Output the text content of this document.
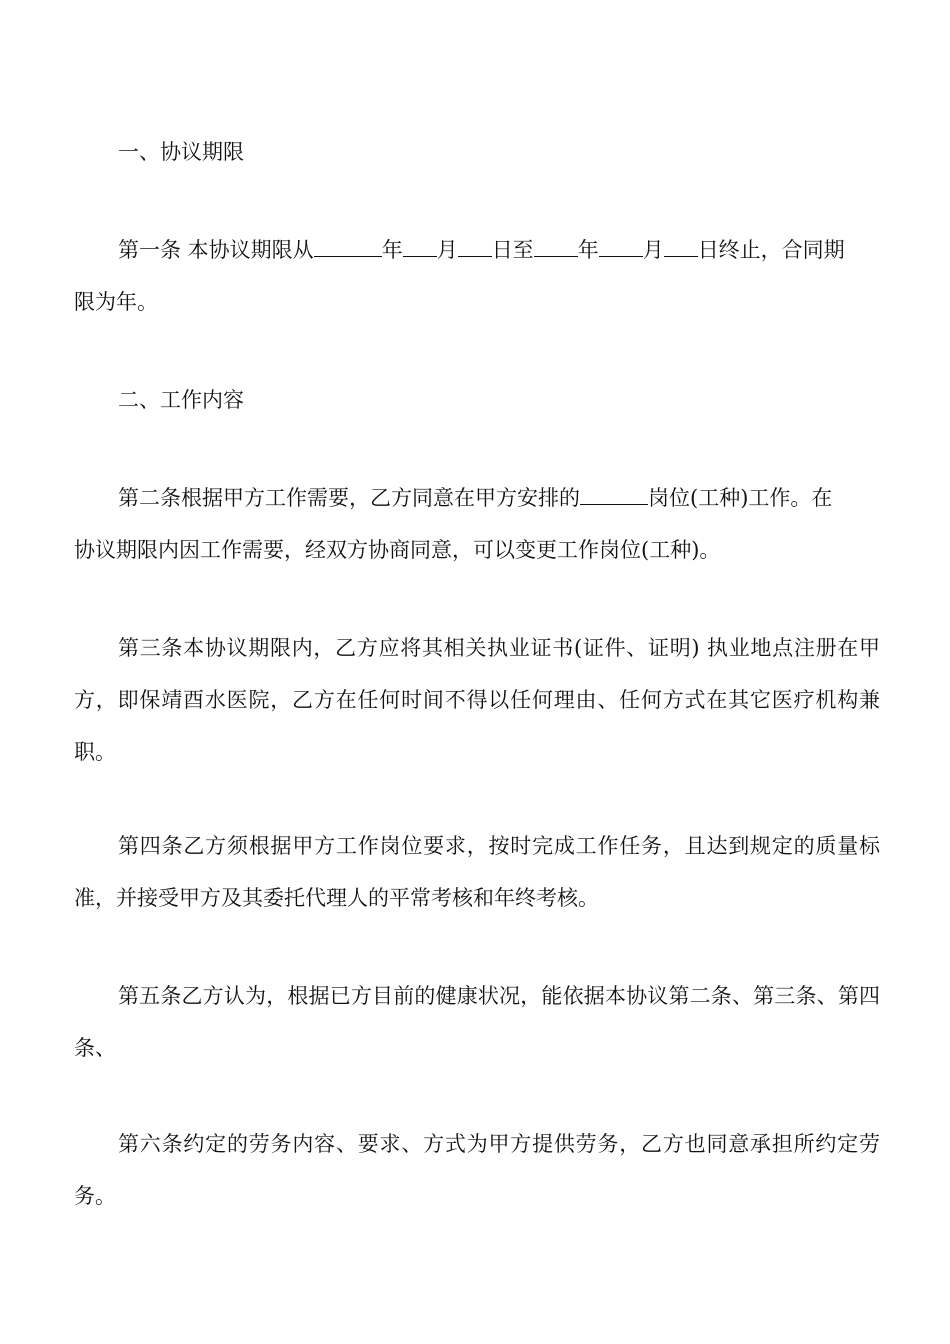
一、协议期限

第一条 本协议期限从	年 月 日至 年 月 日终止，合同期
限为年。

二、工作内容

第二条根据甲方工作需要，乙方同意在甲方安排的	岗位(工种)工作。在
协议期限内因工作需要，经双方协商同意，可以变更工作岗位(工种)。

第三条本协议期限内，乙方应将其相关执业证书(证件、证明) 执业地点注册在甲方，即保靖酉水医院，乙方在任何时间不得以任何理由、任何方式在其它医疗机构兼职。

第四条乙方须根据甲方工作岗位要求，按时完成工作任务，且达到规定的质量标准，并接受甲方及其委托代理人的平常考核和年终考核。

第五条乙方认为，根据已方目前的健康状况，能依据本协议第二条、第三条、第四条、

第六条约定的劳务内容、要求、方式为甲方提供劳务，乙方也同意承担所约定劳务。
